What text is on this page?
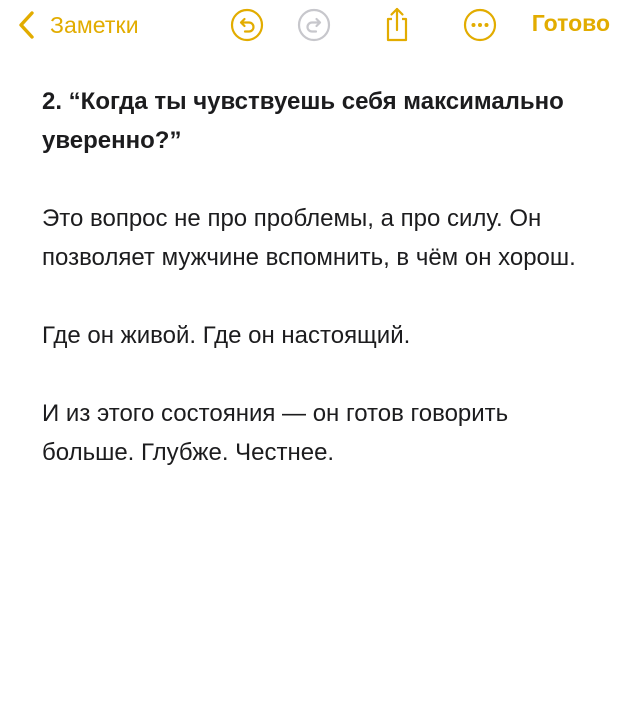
Заметки	Готово

2. “Когда ты чувствуешь себя максимально уверенно?”

Это вопрос не про проблемы, а про силу. Он позволяет мужчине вспомнить, в чём он хорош.

Где он живой. Где он настоящий.

И из этого состояния — он готов говорить больше. Глубже. Честнее.
